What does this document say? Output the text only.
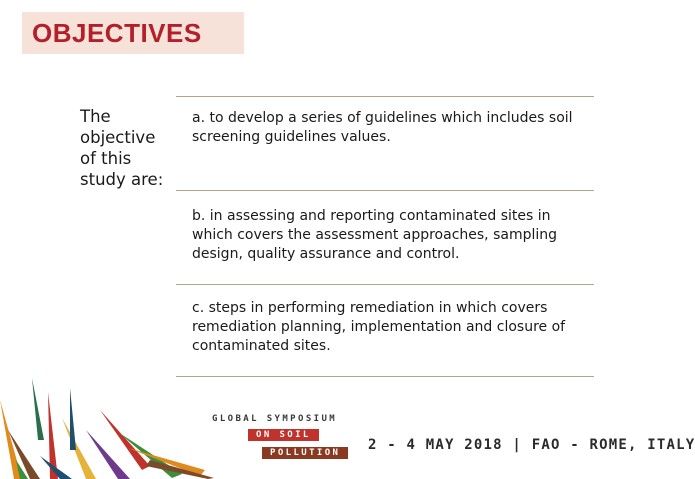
OBJECTIVES
The objective of this study are:
a. to develop a series of guidelines which includes soil screening guidelines values.
b. in assessing and reporting contaminated sites in which covers the assessment approaches, sampling design, quality assurance and control.
c. steps in performing remediation in which covers remediation planning, implementation and closure of contaminated sites.
GLOBAL SYMPOSIUM
ON SOIL
POLLUTION	2 - 4 MAY 2018 | FAO - ROME, ITALY
